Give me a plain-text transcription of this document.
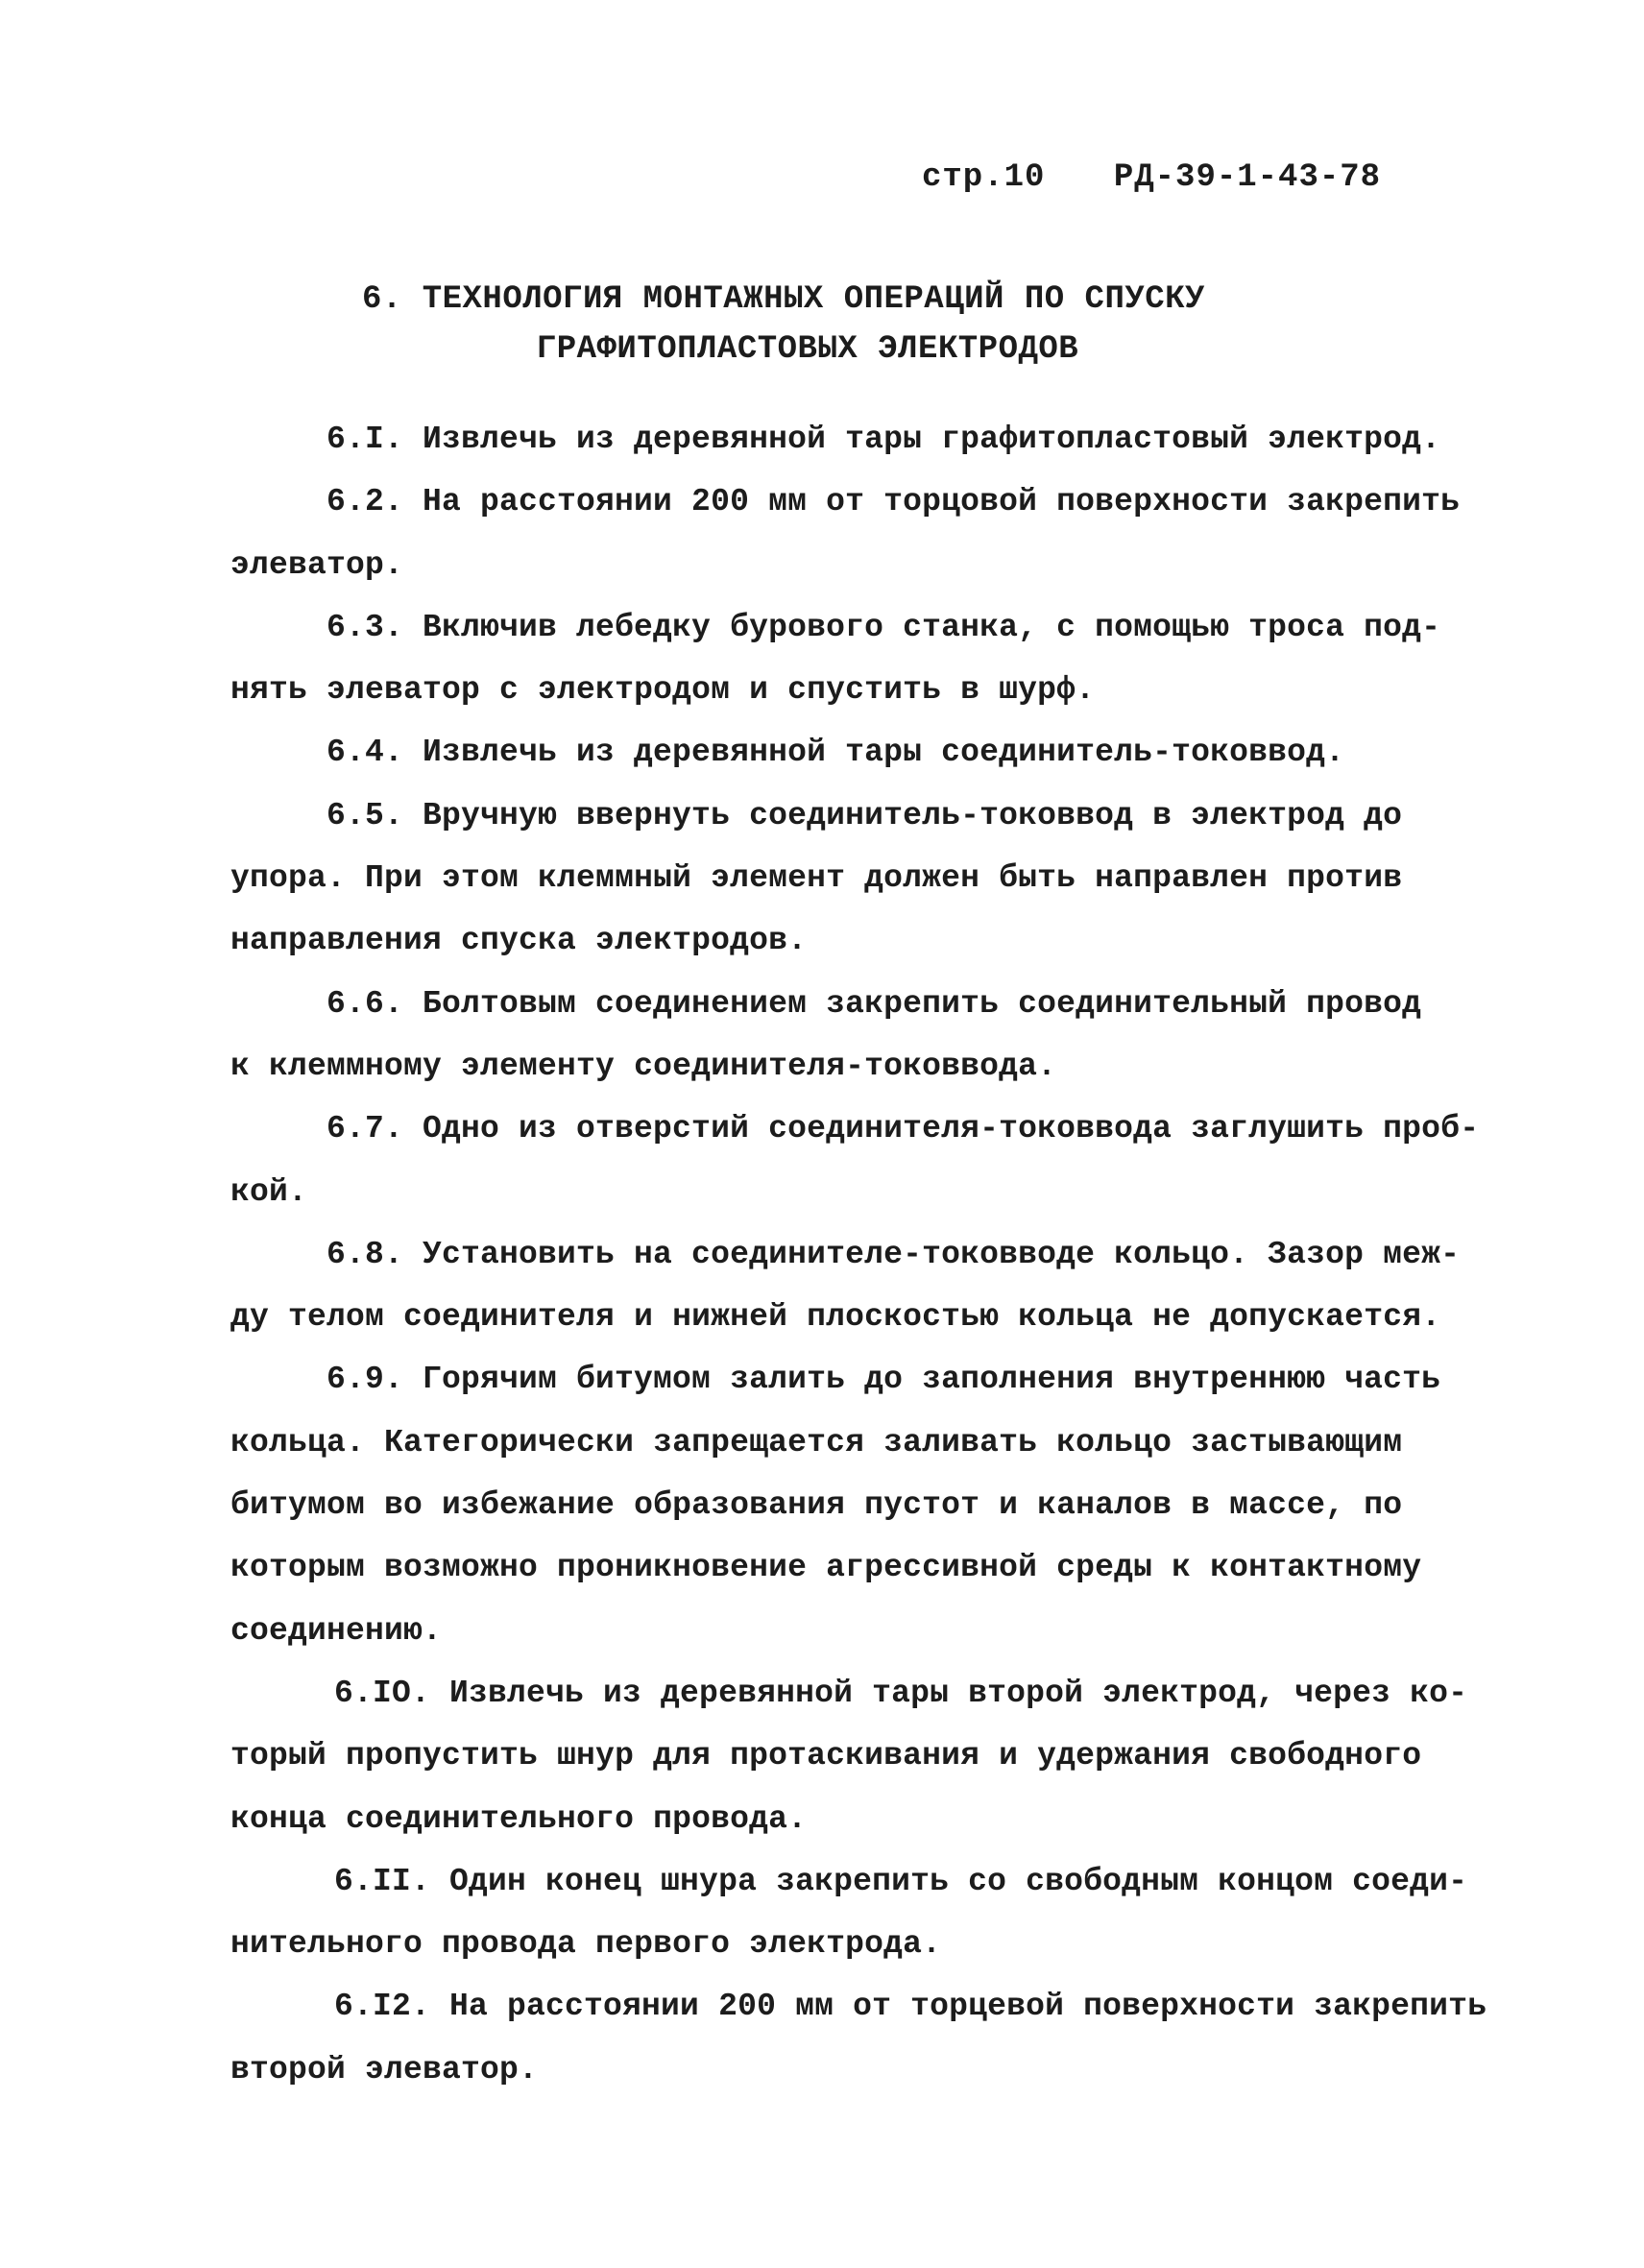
стр.10 РД-39-1-43-78
6. ТЕХНОЛОГИЯ МОНТАЖНЫХ ОПЕРАЦИЙ ПО СПУСКУ
ГРАФИТОПЛАСТОВЫХ ЭЛЕКТРОДОВ
6.I. Извлечь из деревянной тары графитопластовый электрод.
6.2. На расстоянии 200 мм от торцовой поверхности закрепить
элеватор.
6.3. Включив лебедку бурового станка, с помощью троса под-
нять элеватор с электродом и спустить в шурф.
6.4. Извлечь из деревянной тары соединитель-токоввод.
6.5. Вручную ввернуть соединитель-токоввод в электрод до
упора. При этом клеммный элемент должен быть направлен против
направления спуска электродов.
6.6. Болтовым соединением закрепить соединительный провод
к клеммному элементу соединителя-токоввода.
6.7. Одно из отверстий соединителя-токоввода заглушить проб-
кой.
6.8. Установить на соединителе-токовводе кольцо. Зазор меж-
ду телом соединителя и нижней плоскостью кольца не допускается.
6.9. Горячим битумом залить до заполнения внутреннюю часть
кольца. Категорически запрещается заливать кольцо застывающим
битумом во избежание образования пустот и каналов в массе, по
которым возможно проникновение агрессивной среды к контактному
соединению.
6.IO. Извлечь из деревянной тары второй электрод, через ко-
торый пропустить шнур для протаскивания и удержания свободного
конца соединительного провода.
6.II. Один конец шнура закрепить со свободным концом соеди-
нительного провода первого электрода.
6.I2. На расстоянии 200 мм от торцевой поверхности закрепить
второй элеватор.
